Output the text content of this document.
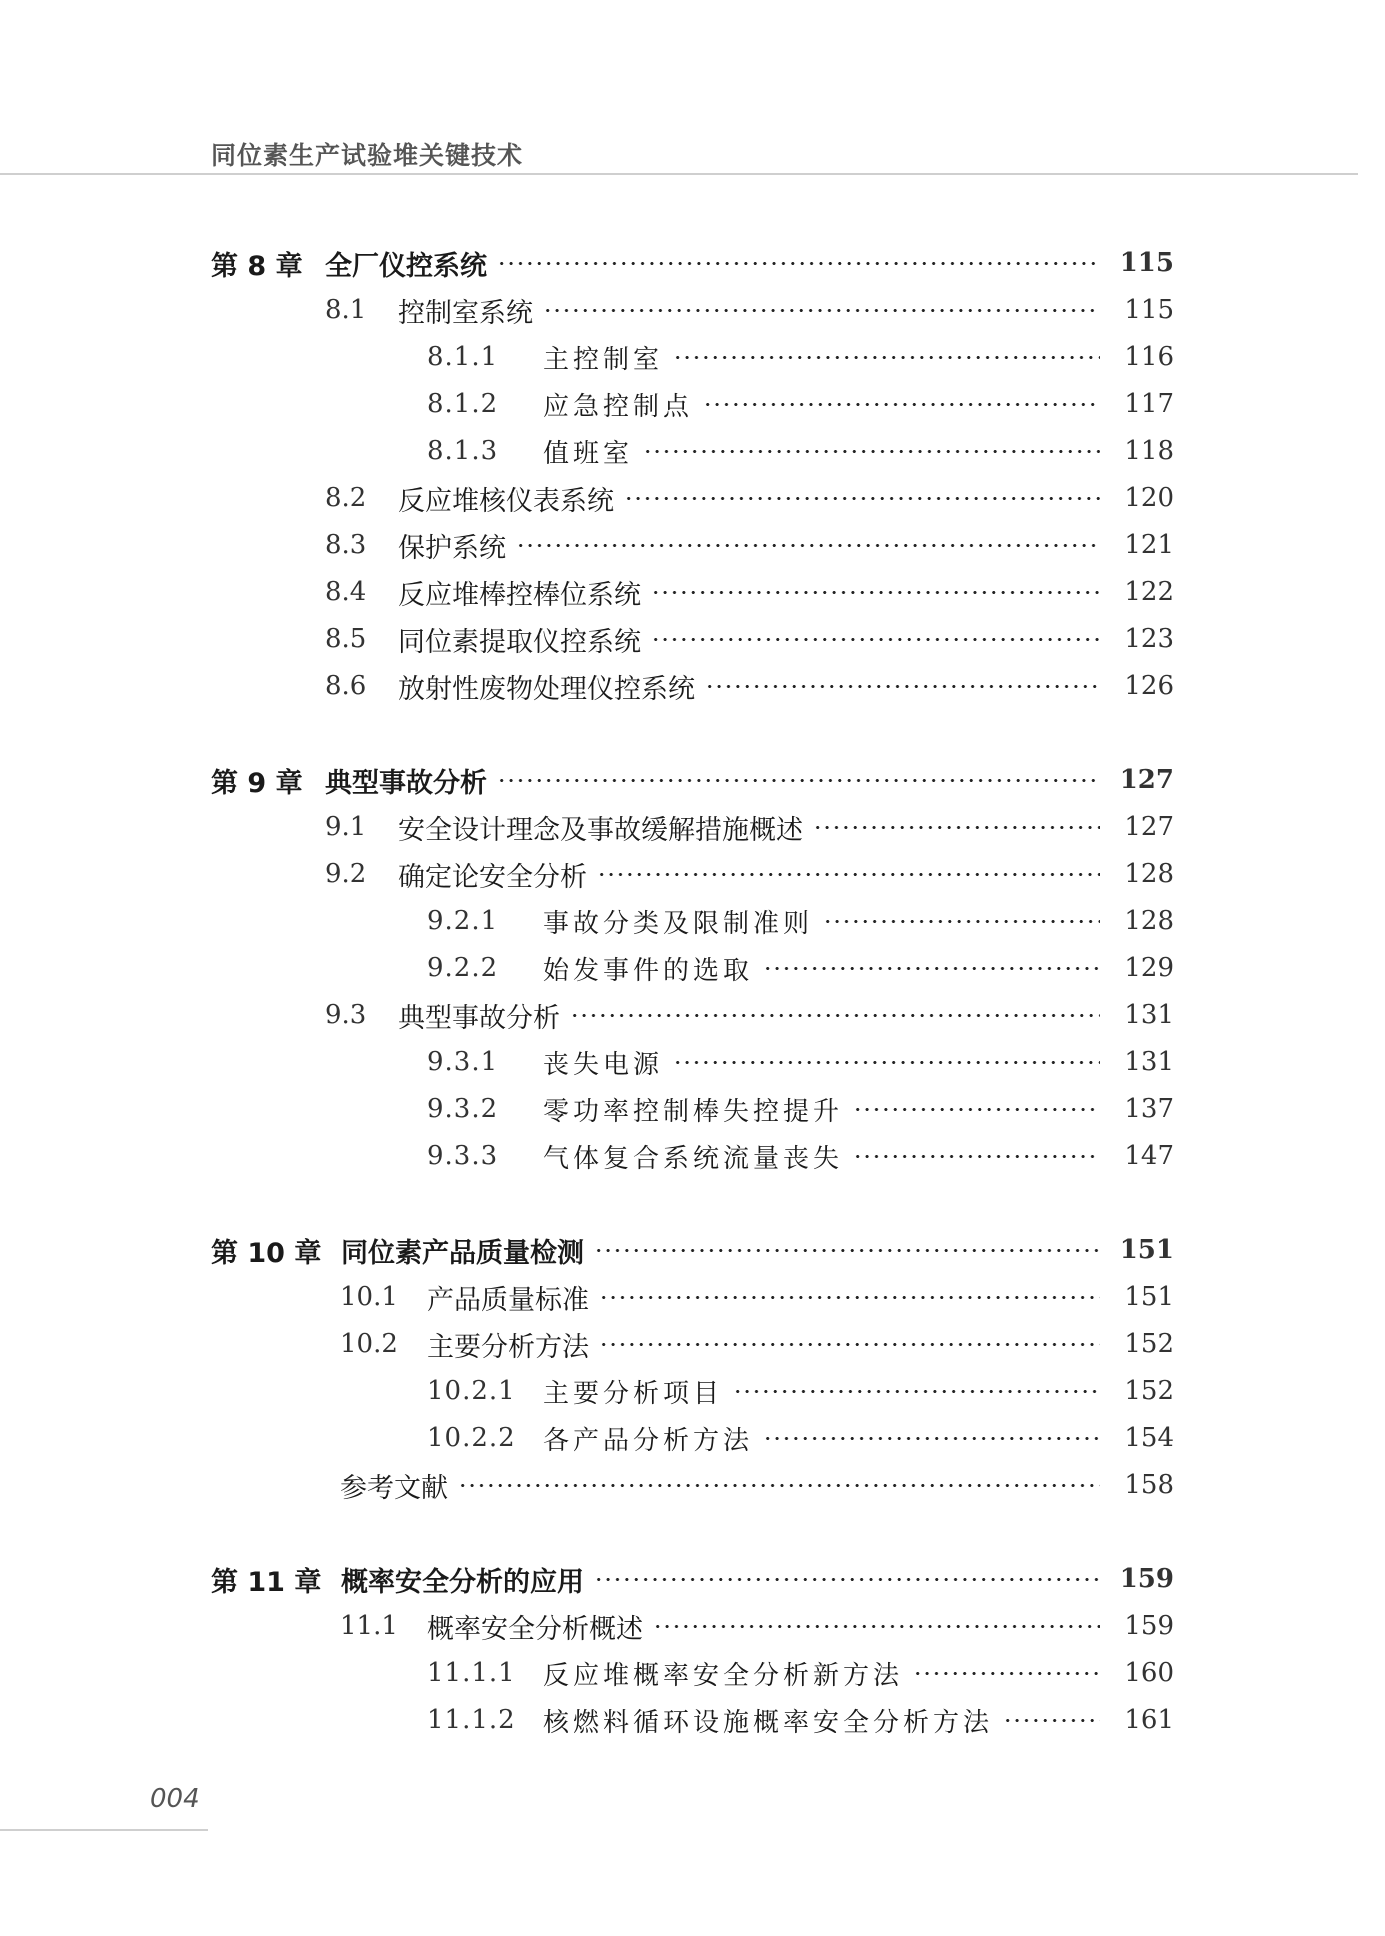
同位素生产试验堆关键技术
第 8 章 全厂仪控系统	115
8.1	控制室系统	115
8.1.1	主控制室	116
8.1.2	应急控制点	117
8.1.3	值班室	118
8.2	反应堆核仪表系统	120
8.3	保护系统	121
8.4	反应堆棒控棒位系统	122
8.5	同位素提取仪控系统	123
8.6	放射性废物处理仪控系统	126
第 9 章 典型事故分析	127
9.1	安全设计理念及事故缓解措施概述	127
9.2	确定论安全分析	128
9.2.1	事故分类及限制准则	128
9.2.2	始发事件的选取	129
9.3	典型事故分析	131
9.3.1	丧失电源	131
9.3.2	零功率控制棒失控提升	137
9.3.3	气体复合系统流量丧失	147
第 10 章 同位素产品质量检测	151
10.1	产品质量标准	151
10.2	主要分析方法	152
10.2.1	主要分析项目	152
10.2.2	各产品分析方法	154
参考文献	158
第 11 章 概率安全分析的应用	159
11.1	概率安全分析概述	159
11.1.1	反应堆概率安全分析新方法	160
11.1.2	核燃料循环设施概率安全分析方法	161

004
